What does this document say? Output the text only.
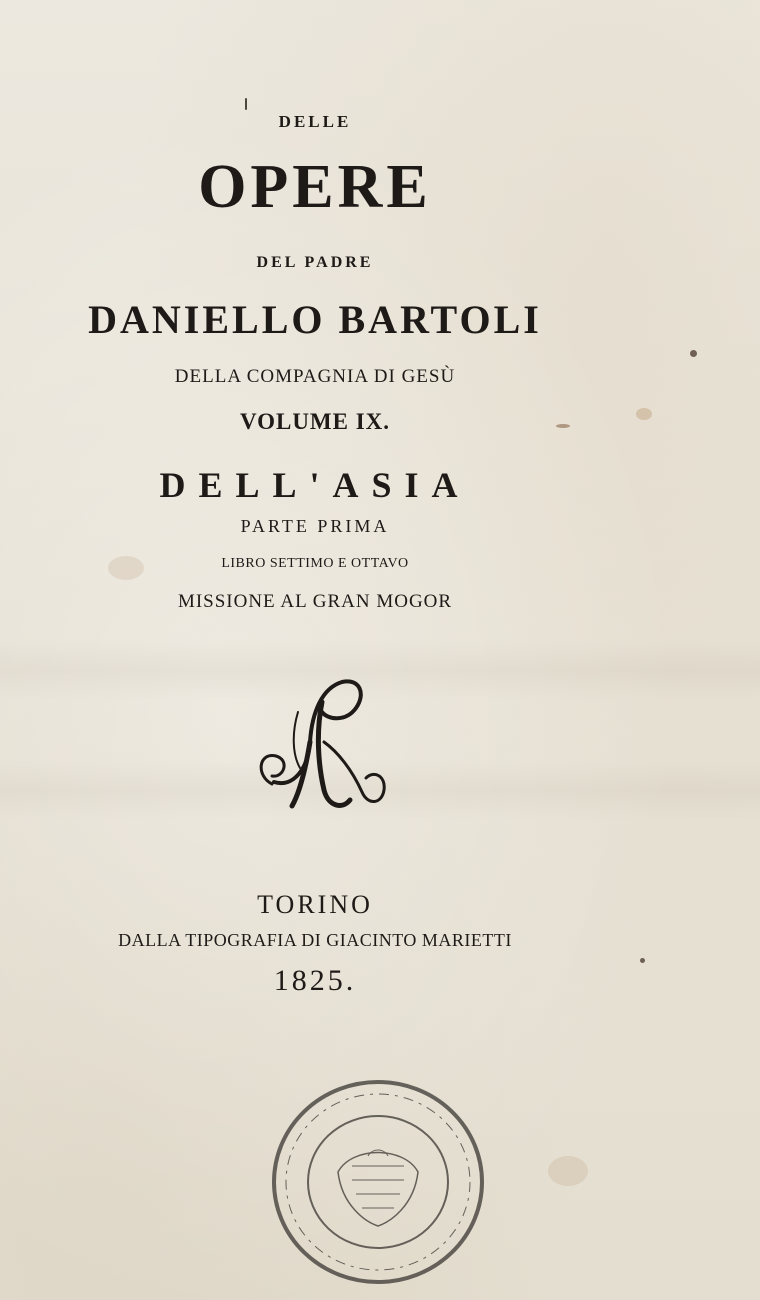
DELLE
OPERE
DEL PADRE
DANIELLO BARTOLI
DELLA COMPAGNIA DI GESÙ
VOLUME IX.
DELL'ASIA
PARTE PRIMA
LIBRO SETTIMO E OTTAVO
MISSIONE AL GRAN MOGOR
TORINO
DALLA TIPOGRAFIA DI GIACINTO MARIETTI
1825.
